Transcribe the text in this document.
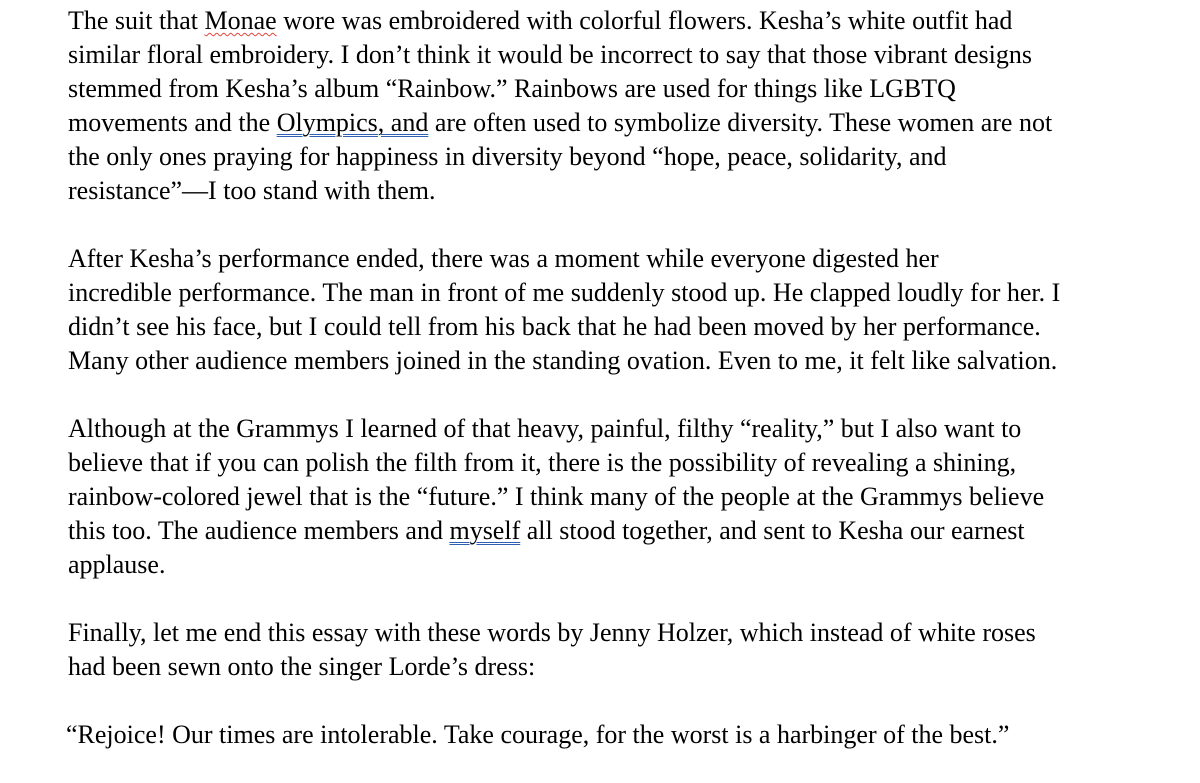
The suit that Monae wore was embroidered with colorful flowers. Kesha’s white outfit had
similar floral embroidery. I don’t think it would be incorrect to say that those vibrant designs
stemmed from Kesha’s album “Rainbow.” Rainbows are used for things like LGBTQ
movements and the Olympics, and are often used to symbolize diversity. These women are not
the only ones praying for happiness in diversity beyond “hope, peace, solidarity, and
resistance”—I too stand with them.

After Kesha’s performance ended, there was a moment while everyone digested her
incredible performance. The man in front of me suddenly stood up. He clapped loudly for her. I
didn’t see his face, but I could tell from his back that he had been moved by her performance.
Many other audience members joined in the standing ovation. Even to me, it felt like salvation.

Although at the Grammys I learned of that heavy, painful, filthy “reality,” but I also want to
believe that if you can polish the filth from it, there is the possibility of revealing a shining,
rainbow-colored jewel that is the “future.” I think many of the people at the Grammys believe
this too. The audience members and myself all stood together, and sent to Kesha our earnest
applause.

Finally, let me end this essay with these words by Jenny Holzer, which instead of white roses
had been sewn onto the singer Lorde’s dress:

“Rejoice! Our times are intolerable. Take courage, for the worst is a harbinger of the best.”
